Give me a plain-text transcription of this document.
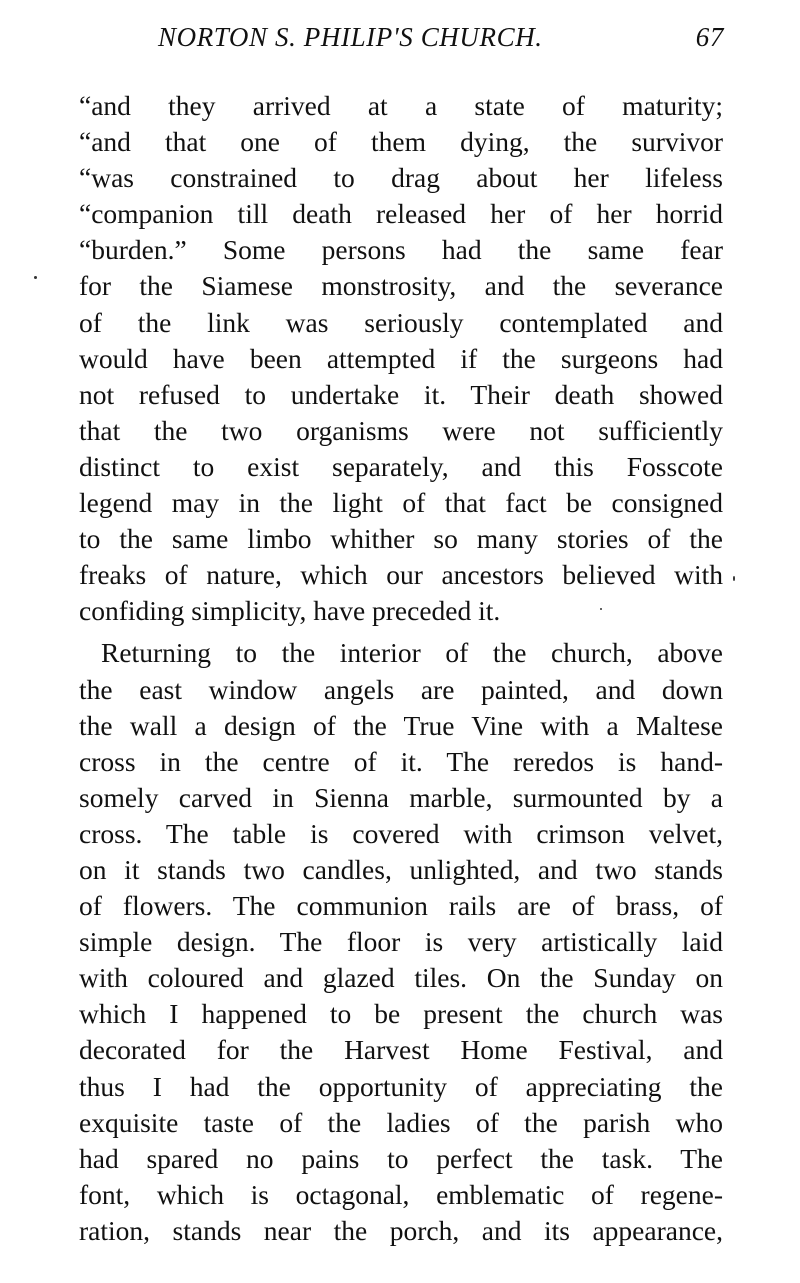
NORTON S. PHILIP'S CHURCH.	67
“and they arrived at a state of maturity;
“and that one of them dying, the survivor
“was constrained to drag about her lifeless
“companion till death released her of her horrid
“burden.” Some persons had the same fear
for the Siamese monstrosity, and the severance
of the link was seriously contemplated and
would have been attempted if the surgeons had
not refused to undertake it. Their death showed
that the two organisms were not sufficiently
distinct to exist separately, and this Fosscote
legend may in the light of that fact be consigned
to the same limbo whither so many stories of the
freaks of nature, which our ancestors believed with
confiding simplicity, have preceded it.
Returning to the interior of the church, above
the east window angels are painted, and down
the wall a design of the True Vine with a Maltese
cross in the centre of it. The reredos is hand-
somely carved in Sienna marble, surmounted by a
cross. The table is covered with crimson velvet,
on it stands two candles, unlighted, and two stands
of flowers. The communion rails are of brass, of
simple design. The floor is very artistically laid
with coloured and glazed tiles. On the Sunday on
which I happened to be present the church was
decorated for the Harvest Home Festival, and
thus I had the opportunity of appreciating the
exquisite taste of the ladies of the parish who
had spared no pains to perfect the task. The
font, which is octagonal, emblematic of regene-
ration, stands near the porch, and its appearance,
